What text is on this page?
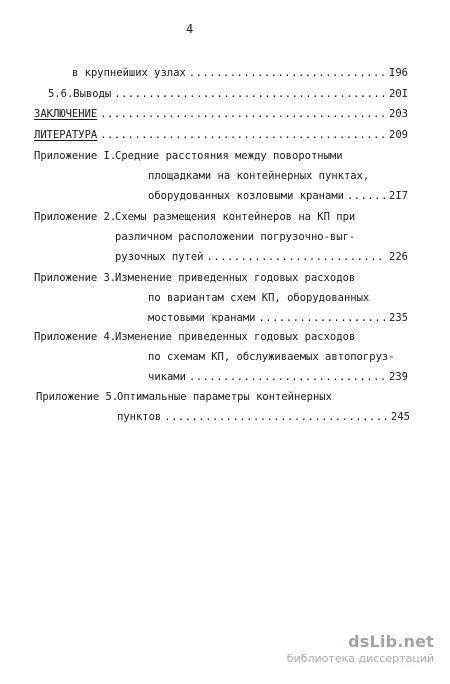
4
в крупнейших узлах .....	I96
5.6.Выводы .....	20I
ЗАКЛЮЧЕНИЕ .....	203
ЛИТЕРАТУРА .....	209
Приложение I.
Средние расстояния между поворотными
площадками на контейнерных пунктах,
оборудованных козловыми кранами .....	2I7
Приложение 2.
Схемы размещения контейнеров на КП при
различном расположении погрузочно-выг-
рузочных путей .....	226
Приложение 3.
Изменение приведенных годовых расходов
по вариантам схем КП, оборудованных
мостовыми кранами .....	235
Приложение 4.
Изменение приведенных годовых расходов
по схемам КП, обслуживаемых автопогруз-
чиками .....	239
Приложение 5.
Оптимальные параметры контейнерных
пунктов .....	245
dsLib.net
библиотека диссертаций
